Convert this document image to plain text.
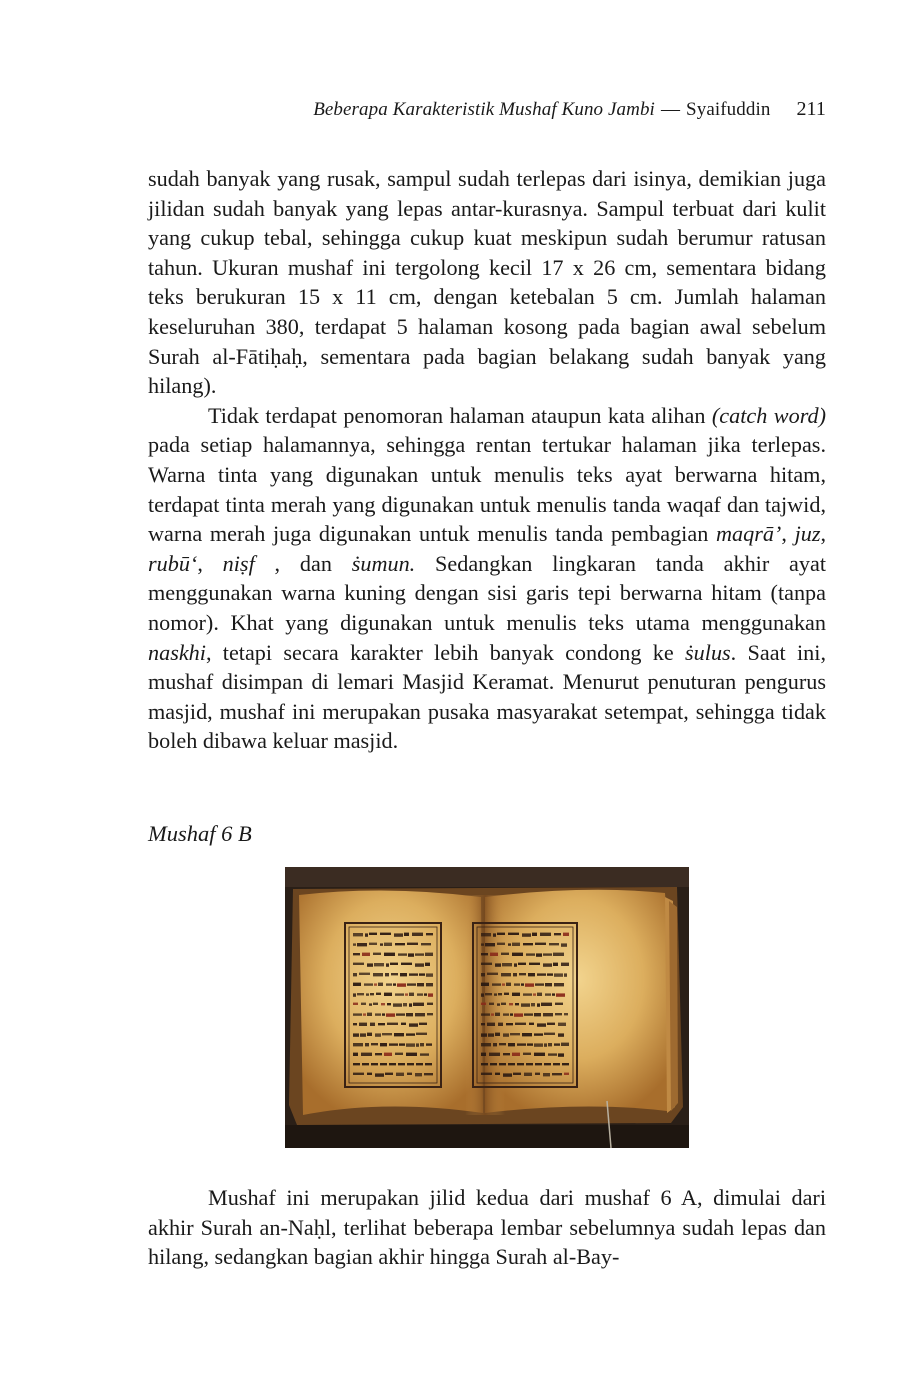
Beberapa Karakteristik Mushaf Kuno Jambi — Syaifuddin 211

sudah banyak yang rusak, sampul sudah terlepas dari isinya, demikian juga jilidan sudah banyak yang lepas antar-kurasnya. Sampul terbuat dari kulit yang cukup tebal, sehingga cukup kuat meskipun sudah berumur ratusan tahun. Ukuran mushaf ini tergolong kecil 17 x 26 cm, sementara bidang teks berukuran 15 x 11 cm, dengan ketebalan 5 cm. Jumlah halaman keseluruhan 380, terdapat 5 halaman kosong pada bagian awal sebelum Surah al-Fātiḥaḥ, sementara pada bagian belakang sudah banyak yang hilang).

Tidak terdapat penomoran halaman ataupun kata alihan (catch word) pada setiap halamannya, sehingga rentan tertukar halaman jika terlepas. Warna tinta yang digunakan untuk menulis teks ayat berwarna hitam, terdapat tinta merah yang digunakan untuk menulis tanda waqaf dan tajwid, warna merah juga digunakan untuk menulis tanda pembagian maqrā’, juz, rubū‘, niṣf , dan ṡumun. Sedangkan lingkaran tanda akhir ayat menggunakan warna kuning dengan sisi garis tepi berwarna hitam (tanpa nomor). Khat yang digunakan untuk menulis teks utama menggunakan naskhi, tetapi secara karakter lebih banyak condong ke ṡulus. Saat ini, mushaf disimpan di lemari Masjid Keramat. Menurut penuturan pengurus masjid, mushaf ini merupakan pusaka masyarakat setempat, sehingga tidak boleh dibawa keluar masjid.

Mushaf 6 B

Mushaf ini merupakan jilid kedua dari mushaf 6 A, dimulai dari akhir Surah an-Naḥl, terlihat beberapa lembar sebelumnya sudah lepas dan hilang, sedangkan bagian akhir hingga Surah al-Bay-
